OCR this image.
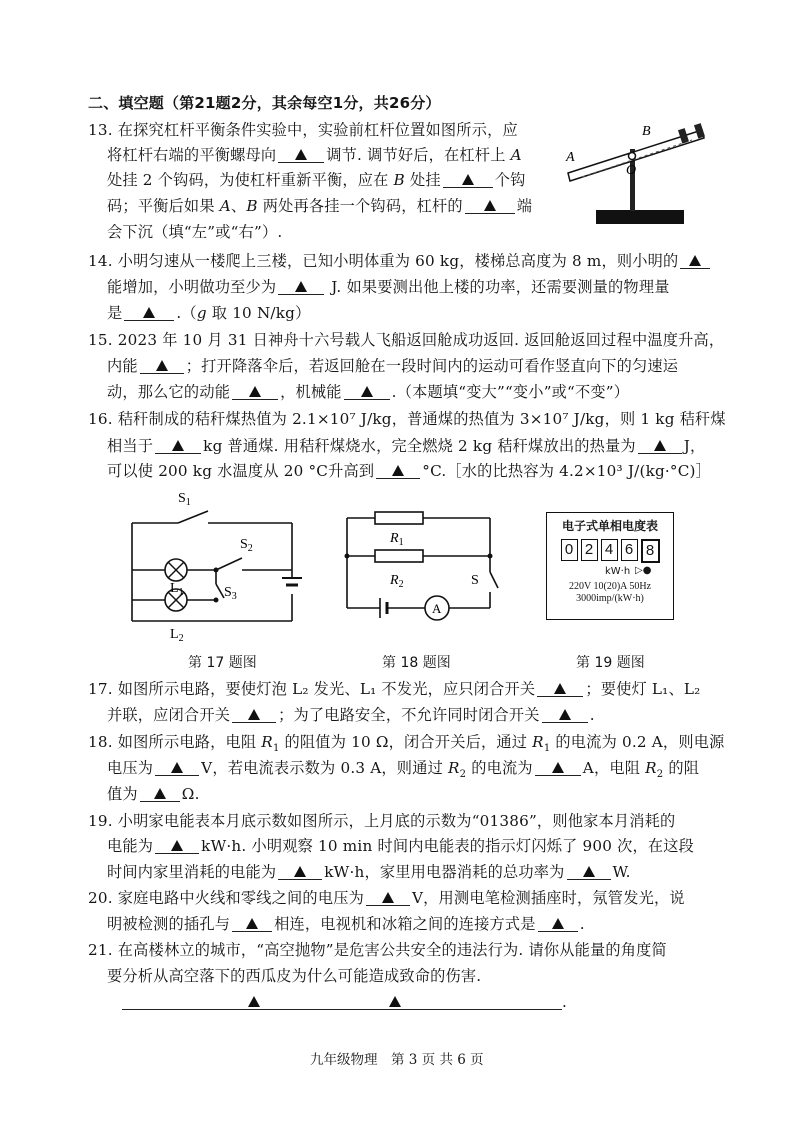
二、填空题（第21题2分，其余每空1分，共26分）
13. 在探究杠杆平衡条件实验中，实验前杠杆位置如图所示，应
将杠杆右端的平衡螺母向	调节. 调节好后，在杠杆上 A
处挂 2 个钩码，为使杠杆重新平衡，应在 B 处挂	个钩
码；平衡后如果 A、B 两处再各挂一个钩码，杠杆的	端
会下沉（填“左”或“右”）.
A
B
O
14. 小明匀速从一楼爬上三楼，已知小明体重为 60 kg，楼梯总高度为 8 m，则小明的
能增加，小明做功至少为	J. 如果要测出他上楼的功率，还需要测量的物理量
是	.（g 取 10 N/kg）
15. 2023 年 10 月 31 日神舟十六号载人飞船返回舱成功返回. 返回舱返回过程中温度升高，
内能	；打开降落伞后，若返回舱在一段时间内的运动可看作竖直向下的匀速运
动，那么它的动能	，机械能	.（本题填“变大”“变小”或“不变”）
16. 秸秆制成的秸秆煤热值为 2.1×10⁷ J/kg，普通煤的热值为 3×10⁷ J/kg，则 1 kg 秸秆煤
相当于	kg 普通煤. 用秸秆煤烧水，完全燃烧 2 kg 秸秆煤放出的热量为	J，
可以使 200 kg 水温度从 20 °C升高到	°C.［水的比热容为 4.2×10³ J/(kg·°C)］
$S_1$
$S_2$
$S_3$
$L_1$
$L_2$
第 17 题图
A
$R_1$
$R_2$	S
第 18 题图
电子式单相电度表
0 2 4 6 8
kW·h ▷●
220V 10(20)A 50Hz
3000imp/(kW·h)
第 19 题图
17. 如图所示电路，要使灯泡 L₂ 发光、L₁ 不发光，应只闭合开关	；要使灯 L₁、L₂
并联，应闭合开关	；为了电路安全，不允许同时闭合开关	.
18. 如图所示电路，电阻 $R_1$ 的阻值为 10 Ω，闭合开关后，通过 $R_1$ 的电流为 0.2 A，则电源
电压为	V，若电流表示数为 0.3 A，则通过 $R_2$ 的电流为	A，电阻 $R_2$ 的阻
值为	Ω.
19. 小明家电能表本月底示数如图所示，上月底的示数为“01386”，则他家本月消耗的
电能为	kW·h. 小明观察 10 min 时间内电能表的指示灯闪烁了 900 次，在这段
时间内家里消耗的电能为	kW·h，家里用电器消耗的总功率为	W.
20. 家庭电路中火线和零线之间的电压为	V，用测电笔检测插座时，氖管发光，说
明被检测的插孔与	相连，电视机和冰箱之间的连接方式是	.
21. 在高楼林立的城市，“高空抛物”是危害公共安全的违法行为. 请你从能量的角度简
要分析从高空落下的西瓜皮为什么可能造成致命的伤害.
.
九年级物理　第 3 页 共 6 页
